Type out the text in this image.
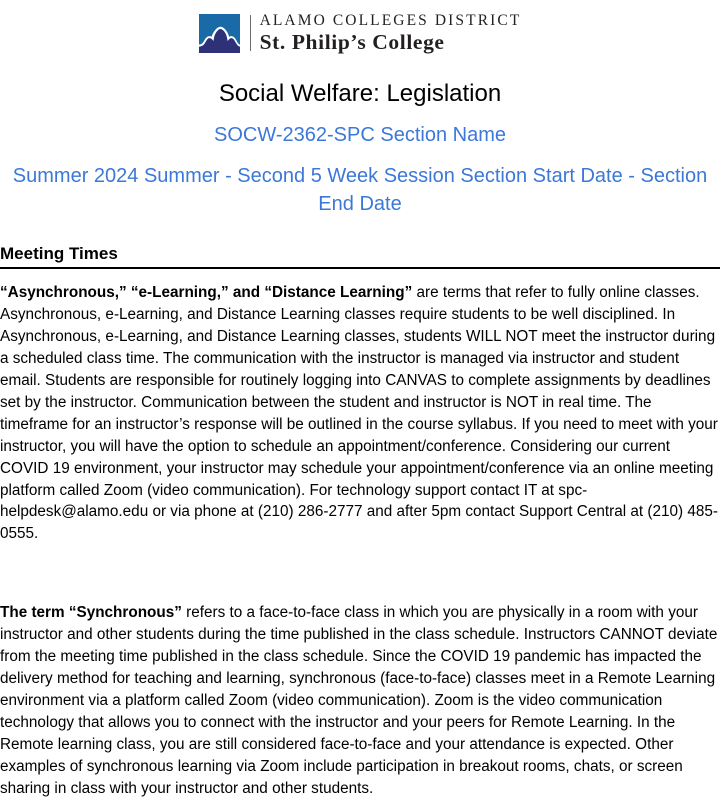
ALAMO COLLEGES DISTRICT
St. Philip’s College
Social Welfare: Legislation
SOCW-2362-SPC Section Name
Summer 2024 Summer - Second 5 Week Session Section Start Date - Section End Date
Meeting Times

“Asynchronous,” “e-Learning,” and “Distance Learning” are terms that refer to fully online classes. Asynchronous, e-Learning, and Distance Learning classes require students to be well disciplined. In Asynchronous, e-Learning, and Distance Learning classes, students WILL NOT meet the instructor during a scheduled class time. The communication with the instructor is managed via instructor and student email. Students are responsible for routinely logging into CANVAS to complete assignments by deadlines set by the instructor. Communication between the student and instructor is NOT in real time. The timeframe for an instructor’s response will be outlined in the course syllabus. If you need to meet with your instructor, you will have the option to schedule an appointment/conference. Considering our current COVID 19 environment, your instructor may schedule your appointment/conference via an online meeting platform called Zoom (video communication). For technology support contact IT at spc-helpdesk@alamo.edu or via phone at (210) 286-2777 and after 5pm contact Support Central at (210) 485-0555.

The term “Synchronous” refers to a face-to-face class in which you are physically in a room with your instructor and other students during the time published in the class schedule. Instructors CANNOT deviate from the meeting time published in the class schedule. Since the COVID 19 pandemic has impacted the delivery method for teaching and learning, synchronous (face-to-face) classes meet in a Remote Learning environment via a platform called Zoom (video communication). Zoom is the video communication technology that allows you to connect with the instructor and your peers for Remote Learning. In the Remote learning class, you are still considered face-to-face and your attendance is expected. Other examples of synchronous learning via Zoom include participation in breakout rooms, chats, or screen sharing in class with your instructor and other students.
